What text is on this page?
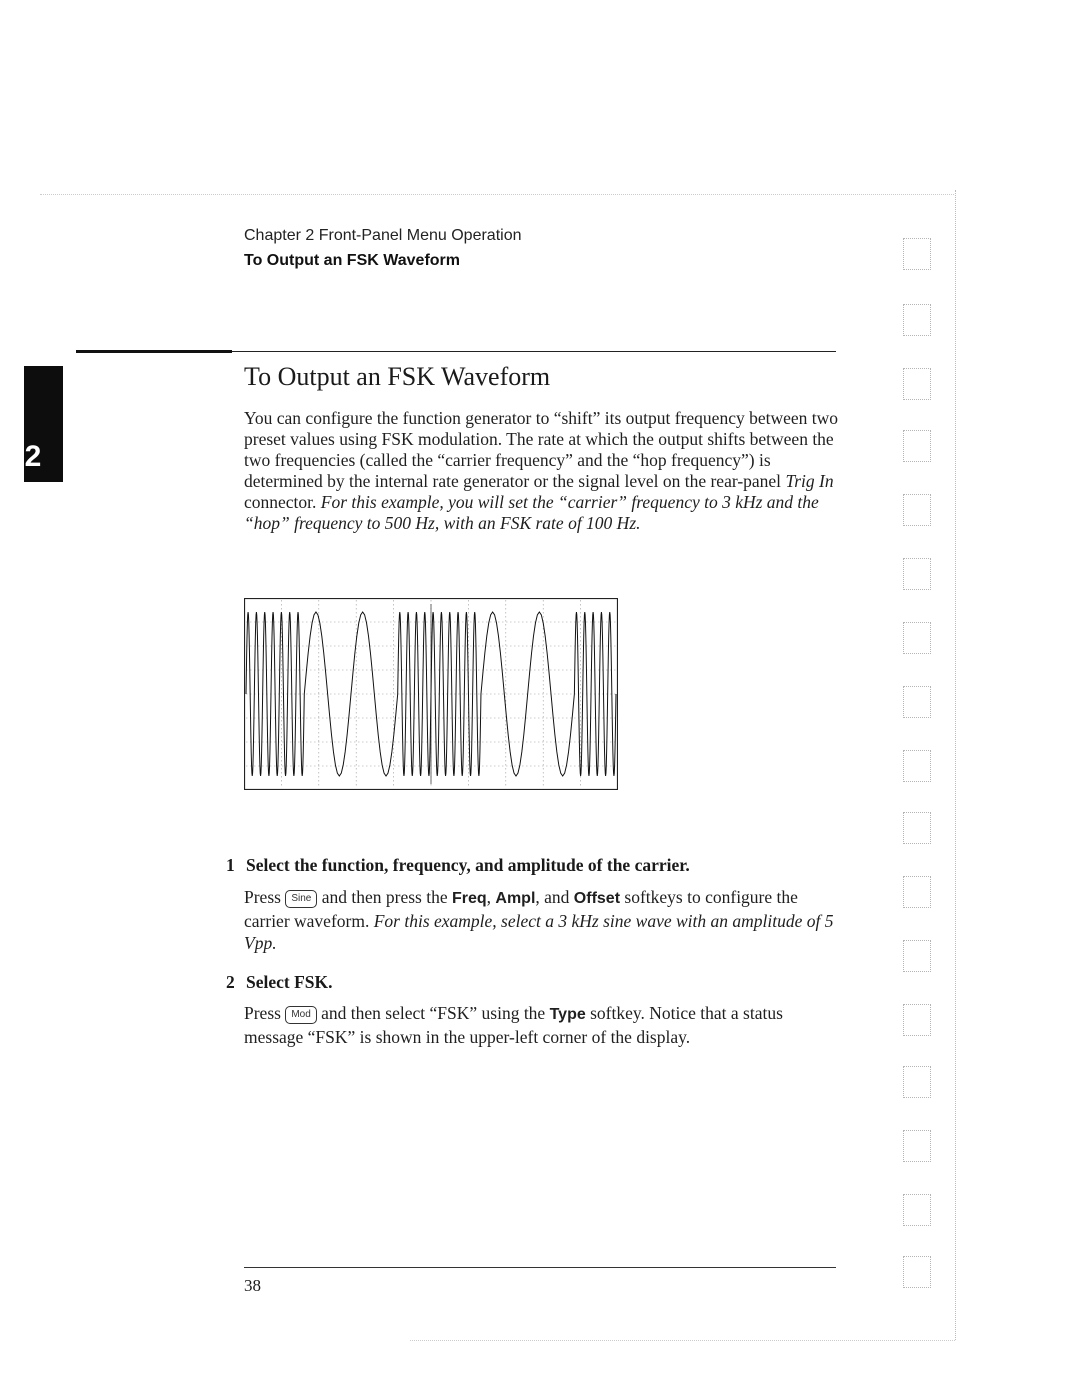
Chapter 2 Front-Panel Menu Operation
To Output an FSK Waveform
2
To Output an FSK Waveform
You can configure the function generator to “shift” its output frequency between two preset values using FSK modulation. The rate at which the output shifts between the two frequencies (called the “carrier frequency” and the “hop frequency”) is determined by the internal rate generator or the signal level on the rear-panel Trig In connector. For this example, you will set the “carrier” frequency to 3 kHz and the “hop” frequency to 500 Hz, with an FSK rate of 100 Hz.
1 Select the function, frequency, and amplitude of the carrier.
Press Sine and then press the Freq, Ampl, and Offset softkeys to configure the carrier waveform. For this example, select a 3 kHz sine wave with an amplitude of 5 Vpp.
2 Select FSK.
Press Mod and then select “FSK” using the Type softkey. Notice that a status message “FSK” is shown in the upper-left corner of the display.
38
